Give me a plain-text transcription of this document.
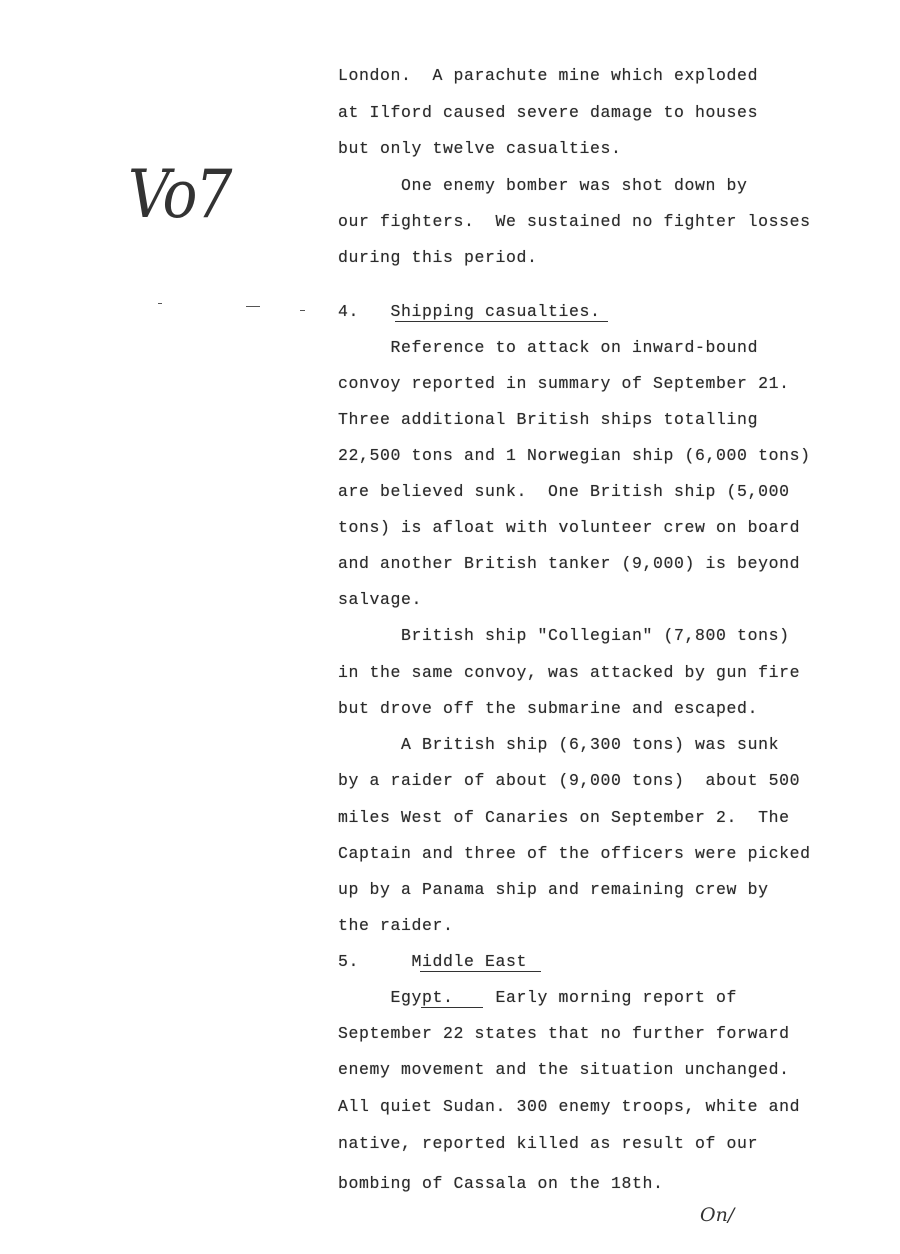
Vo7
London.  A parachute mine which exploded
at Ilford caused severe damage to houses
but only twelve casualties.
One enemy bomber was shot down by
our fighters.  We sustained no fighter losses
during this period.
4.   Shipping casualties.
Reference to attack on inward-bound
convoy reported in summary of September 21.
Three additional British ships totalling
22,500 tons and 1 Norwegian ship (6,000 tons)
are believed sunk.  One British ship (5,000
tons) is afloat with volunteer crew on board
and another British tanker (9,000) is beyond
salvage.
British ship "Collegian" (7,800 tons)
in the same convoy, was attacked by gun fire
but drove off the submarine and escaped.
A British ship (6,300 tons) was sunk
by a raider of about (9,000 tons)  about 500
miles West of Canaries on September 2.  The
Captain and three of the officers were picked
up by a Panama ship and remaining crew by
the raider.
5.     Middle East
Egypt.    Early morning report of
September 22 states that no further forward
enemy movement and the situation unchanged.
All quiet Sudan. 300 enemy troops, white and
native, reported killed as result of our
bombing of Cassala on the 18th.
On/
